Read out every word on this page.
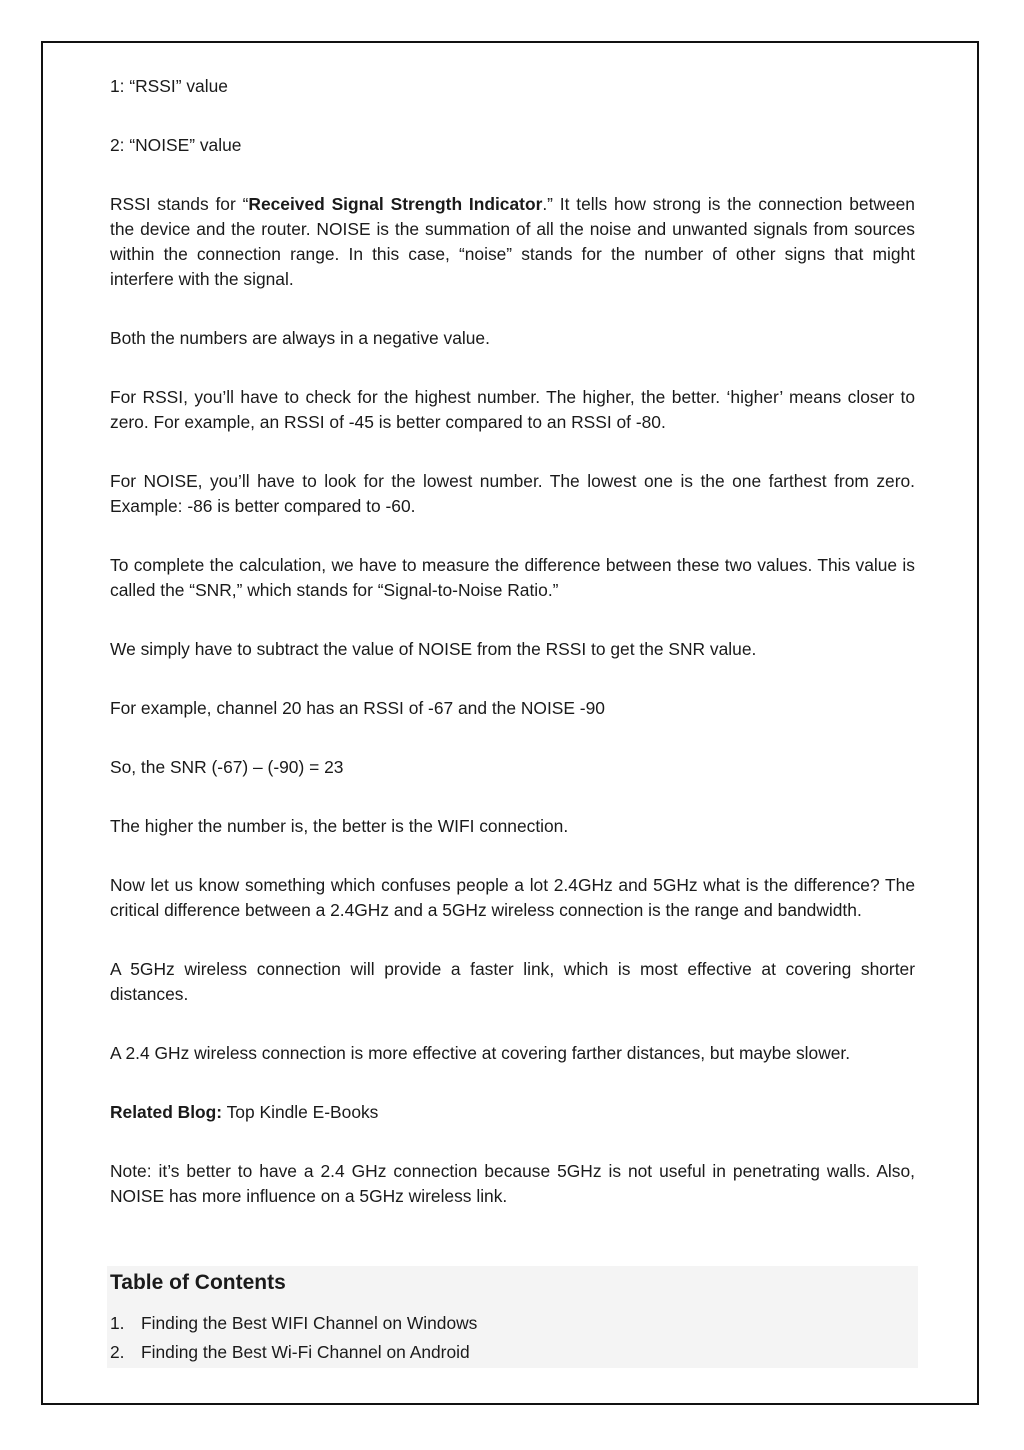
1: “RSSI” value

2: “NOISE” value

RSSI stands for “Received Signal Strength Indicator.” It tells how strong is the connection between the device and the router. NOISE is the summation of all the noise and unwanted signals from sources within the connection range. In this case, “noise” stands for the number of other signs that might interfere with the signal.

Both the numbers are always in a negative value.

For RSSI, you’ll have to check for the highest number. The higher, the better. ‘higher’ means closer to zero. For example, an RSSI of -45 is better compared to an RSSI of -80.

For NOISE, you’ll have to look for the lowest number. The lowest one is the one farthest from zero. Example: -86 is better compared to -60.

To complete the calculation, we have to measure the difference between these two values. This value is called the “SNR,” which stands for “Signal-to-Noise Ratio.”

We simply have to subtract the value of NOISE from the RSSI to get the SNR value.

For example, channel 20 has an RSSI of -67 and the NOISE -90

So, the SNR (-67) – (-90) = 23

The higher the number is, the better is the WIFI connection.

Now let us know something which confuses people a lot 2.4GHz and 5GHz what is the difference? The critical difference between a 2.4GHz and a 5GHz wireless connection is the range and bandwidth.

A 5GHz wireless connection will provide a faster link, which is most effective at covering shorter distances.

A 2.4 GHz wireless connection is more effective at covering farther distances, but maybe slower.

Related Blog: Top Kindle E-Books

Note: it’s better to have a 2.4 GHz connection because 5GHz is not useful in penetrating walls. Also, NOISE has more influence on a 5GHz wireless link.

Table of Contents
1. Finding the Best WIFI Channel on Windows
2. Finding the Best Wi-Fi Channel on Android
